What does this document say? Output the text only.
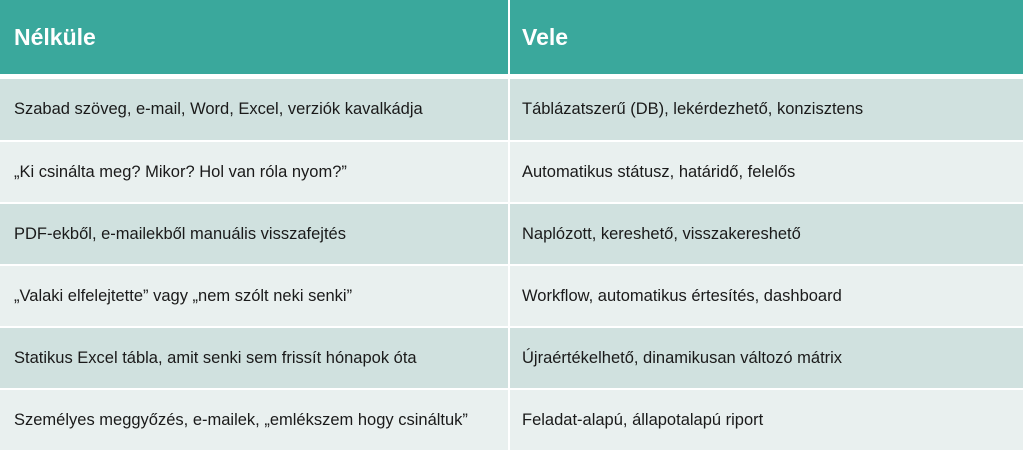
Nélküle	Vele
Szabad szöveg, e-mail, Word, Excel, verziók kavalkádja	Táblázatszerű (DB), lekérdezhető, konzisztens
„Ki csinálta meg? Mikor? Hol van róla nyom?”	Automatikus státusz, határidő, felelős
PDF-ekből, e-mailekből manuális visszafejtés	Naplózott, kereshető, visszakereshető
„Valaki elfelejtette” vagy „nem szólt neki senki”	Workflow, automatikus értesítés, dashboard
Statikus Excel tábla, amit senki sem frissít hónapok óta	Újraértékelhető, dinamikusan változó mátrix
Személyes meggyőzés, e-mailek, „emlékszem hogy csináltuk”	Feladat-alapú, állapotalapú riport
